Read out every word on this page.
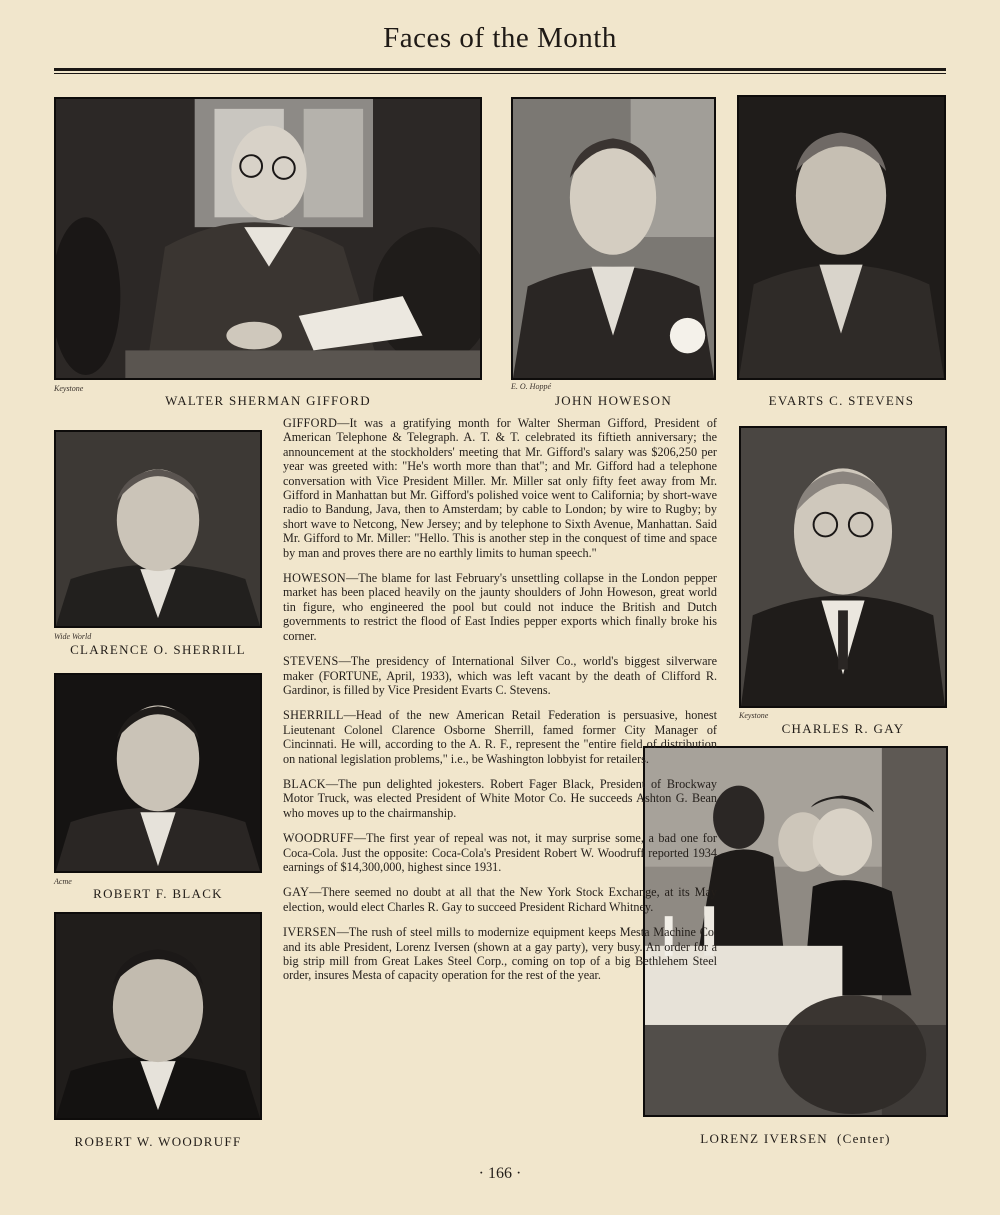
Faces of the Month
Keystone
WALTER SHERMAN GIFFORD
E. O. Hoppé
JOHN HOWESON	EVARTS C. STEVENS
Wide World
CLARENCE O. SHERRILL
Keystone
CHARLES R. GAY
Acme
ROBERT F. BLACK
ROBERT W. WOODRUFF	LORENZ IVERSEN  (Center)

GIFFORD—It was a gratifying month for Walter Sherman Gifford, President of American Telephone & Telegraph. A. T. & T. celebrated its fiftieth anniversary; the announcement at the stockholders' meeting that Mr. Gifford's salary was $206,250 per year was greeted with: "He's worth more than that"; and Mr. Gifford had a telephone conversation with Vice President Miller. Mr. Miller sat only fifty feet away from Mr. Gifford in Manhattan but Mr. Gifford's polished voice went to California; by short-wave radio to Bandung, Java, then to Amsterdam; by cable to London; by wire to Rugby; by short wave to Netcong, New Jersey; and by telephone to Sixth Avenue, Manhattan. Said Mr. Gifford to Mr. Miller: "Hello. This is another step in the conquest of time and space by man and proves there are no earthly limits to human speech."

HOWESON—The blame for last February's unsettling collapse in the London pepper market has been placed heavily on the jaunty shoulders of John Howeson, great world tin figure, who engineered the pool but could not induce the British and Dutch governments to restrict the flood of East Indies pepper exports which finally broke his corner.

STEVENS—The presidency of International Silver Co., world's biggest silverware maker (FORTUNE, April, 1933), which was left vacant by the death of Clifford R. Gardinor, is filled by Vice President Evarts C. Stevens.

SHERRILL—Head of the new American Retail Federation is persuasive, honest Lieutenant Colonel Clarence Osborne Sherrill, famed former City Manager of Cincinnati. He will, according to the A. R. F., represent the "entire field of distribution on national legislation problems," i.e., be Washington lobbyist for retailers.

BLACK—The pun delighted jokesters. Robert Fager Black, President of Brockway Motor Truck, was elected President of White Motor Co. He succeeds Ashton G. Bean who moves up to the chairmanship.

WOODRUFF—The first year of repeal was not, it may surprise some, a bad one for Coca-Cola. Just the opposite: Coca-Cola's President Robert W. Woodruff reported 1934 earnings of $14,300,000, highest since 1931.

GAY—There seemed no doubt at all that the New York Stock Exchange, at its May election, would elect Charles R. Gay to succeed President Richard Whitney.

IVERSEN—The rush of steel mills to modernize equipment keeps Mesta Machine Co. and its able President, Lorenz Iversen (shown at a gay party), very busy. An order for a big strip mill from Great Lakes Steel Corp., coming on top of a big Bethlehem Steel order, insures Mesta of capacity operation for the rest of the year.

· 166 ·
